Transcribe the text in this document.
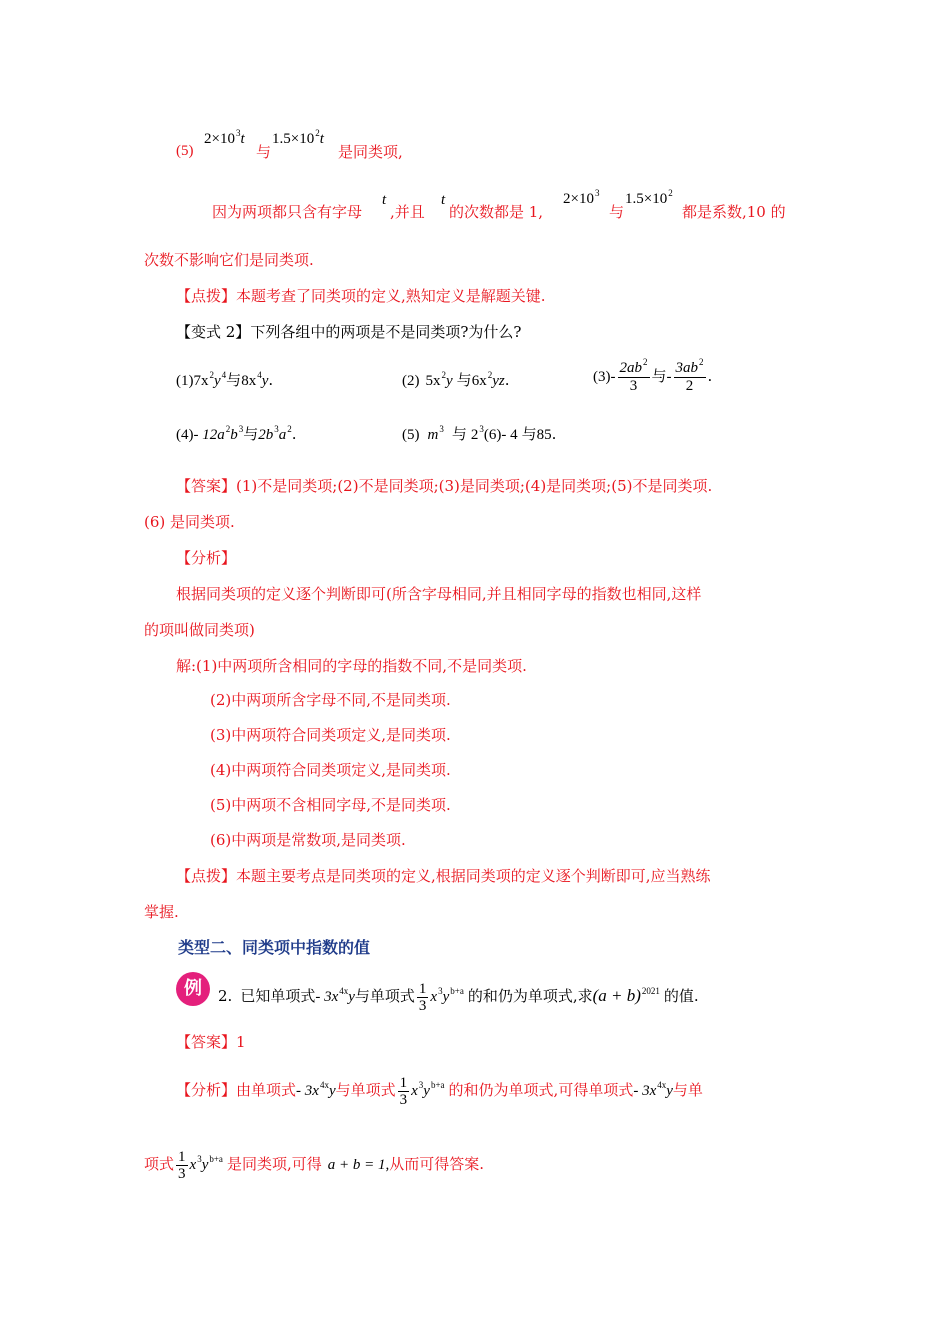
(5)
$2\times 10^3t$
与
$1.5\times 10^2t$
是同类项,
因为两项都只含有字母
t
,并且
t
的次数都是 1,
$2\times 10^3$
与
$1.5\times 10^2$
都是系数,10 的
次数不影响它们是同类项.
【点拨】本题考查了同类项的定义,熟知定义是解题关键.
【变式 2】下列各组中的两项是不是同类项?为什么?
$(1)7x^2y^4$与$8x^4y$.	(2) $5x^2y$ 与$6x^2yz$.	$(3)- \frac{2ab^2}{3}$ 与- $\frac{3ab^2}{2}$ .
(4)- $12a^2b^3$与$2b^3a^2$.	(5) $m^3$ 与 $2^3(6)-$ 4 与85.
【答案】(1)不是同类项;(2)不是同类项;(3)是同类项;(4)是同类项;(5)不是同类项.
(6) 是同类项.
【分析】
根据同类项的定义逐个判断即可(所含字母相同,并且相同字母的指数也相同,这样
的项叫做同类项)
解:(1)中两项所含相同的字母的指数不同,不是同类项.
(2)中两项所含字母不同,不是同类项.
(3)中两项符合同类项定义,是同类项.
(4)中两项符合同类项定义,是同类项.
(5)中两项不含相同字母,不是同类项.
(6)中两项是常数项,是同类项.
【点拨】本题主要考点是同类项的定义,根据同类项的定义逐个判断即可,应当熟练
掌握.
类型二、同类项中指数的值
例	2. 已知单项式- $3x^{4x}y$与单项式 $\frac{1}{3} x^3y^{b+a}$ 的和仍为单项式,求$(a + b)^{2021}$ 的值.
【答案】1
【分析】由单项式- $3x^{4x}y$与单项式 $\frac{1}{3} x^3y^{b+a}$ 的和仍为单项式,可得单项式- $3x^{4x}y$与单
项式 $\frac{1}{3} x^3y^{b+a}$ 是同类项,可得 a + b = 1,从而可得答案.
